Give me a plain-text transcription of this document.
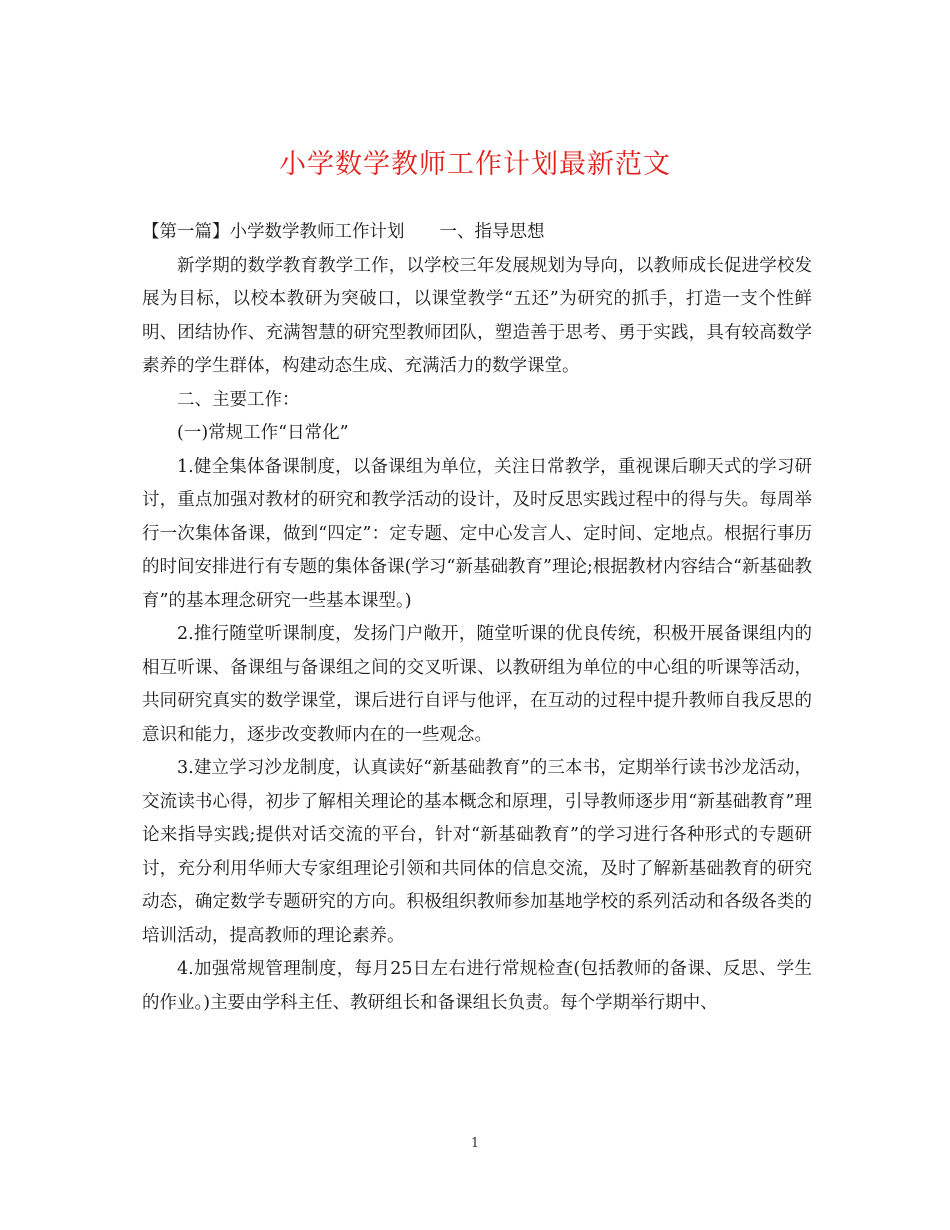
小学数学教师工作计划最新范文

【第一篇】小学数学教师工作计划　　一、指导思想

新学期的数学教育教学工作，以学校三年发展规划为导向，以教师成长促进学校发展为目标，以校本教研为突破口，以课堂教学“五还”为研究的抓手，打造一支个性鲜明、团结协作、充满智慧的研究型教师团队，塑造善于思考、勇于实践，具有较高数学素养的学生群体，构建动态生成、充满活力的数学课堂。

二、主要工作：

(一)常规工作“日常化”

1.健全集体备课制度，以备课组为单位，关注日常教学，重视课后聊天式的学习研讨，重点加强对教材的研究和教学活动的设计，及时反思实践过程中的得与失。每周举行一次集体备课，做到“四定”：定专题、定中心发言人、定时间、定地点。根据行事历的时间安排进行有专题的集体备课(学习“新基础教育”理论;根据教材内容结合“新基础教育”的基本理念研究一些基本课型。)

2.推行随堂听课制度，发扬门户敞开，随堂听课的优良传统，积极开展备课组内的相互听课、备课组与备课组之间的交叉听课、以教研组为单位的中心组的听课等活动，共同研究真实的数学课堂，课后进行自评与他评，在互动的过程中提升教师自我反思的意识和能力，逐步改变教师内在的一些观念。

3.建立学习沙龙制度，认真读好“新基础教育”的三本书，定期举行读书沙龙活动，交流读书心得，初步了解相关理论的基本概念和原理，引导教师逐步用“新基础教育”理论来指导实践;提供对话交流的平台，针对“新基础教育”的学习进行各种形式的专题研讨，充分利用华师大专家组理论引领和共同体的信息交流，及时了解新基础教育的研究动态，确定数学专题研究的方向。积极组织教师参加基地学校的系列活动和各级各类的培训活动，提高教师的理论素养。

4.加强常规管理制度，每月25日左右进行常规检查(包括教师的备课、反思、学生的作业。)主要由学科主任、教研组长和备课组长负责。每个学期举行期中、

1
